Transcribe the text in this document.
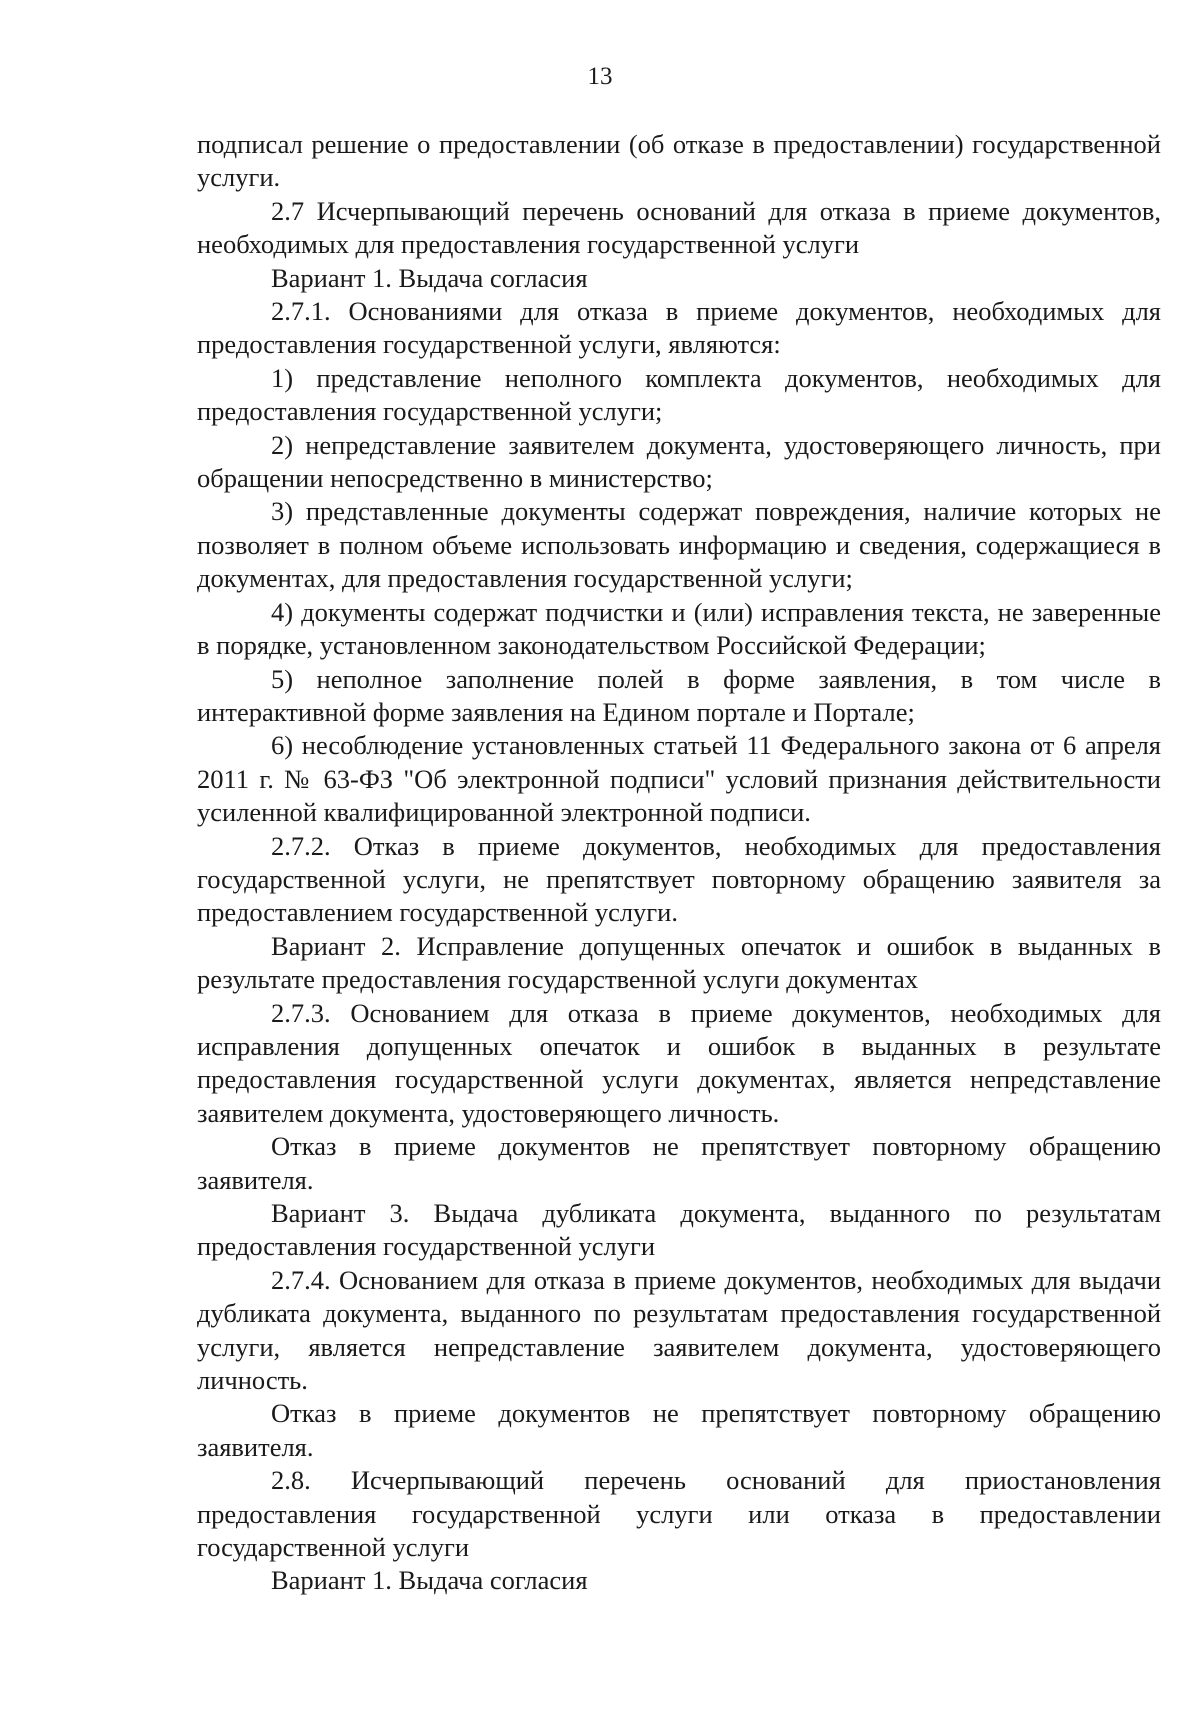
13

подписал решение о предоставлении (об отказе в предоставлении) государственной услуги.

2.7 Исчерпывающий перечень оснований для отказа в приеме документов, необходимых для предоставления государственной услуги

Вариант 1. Выдача согласия

2.7.1. Основаниями для отказа в приеме документов, необходимых для предоставления государственной услуги, являются:

1) представление неполного комплекта документов, необходимых для предоставления государственной услуги;

2) непредставление заявителем документа, удостоверяющего личность, при обращении непосредственно в министерство;

3) представленные документы содержат повреждения, наличие которых не позволяет в полном объеме использовать информацию и сведения, содержащиеся в документах, для предоставления государственной услуги;

4) документы содержат подчистки и (или) исправления текста, не заверенные в порядке, установленном законодательством Российской Федерации;

5) неполное заполнение полей в форме заявления, в том числе в интерактивной форме заявления на Едином портале и Портале;

6) несоблюдение установленных статьей 11 Федерального закона от 6 апреля 2011 г. № 63-ФЗ "Об электронной подписи" условий признания действительности усиленной квалифицированной электронной подписи.

2.7.2. Отказ в приеме документов, необходимых для предоставления государственной услуги, не препятствует повторному обращению заявителя за предоставлением государственной услуги.

Вариант 2. Исправление допущенных опечаток и ошибок в выданных в результате предоставления государственной услуги документах

2.7.3. Основанием для отказа в приеме документов, необходимых для исправления допущенных опечаток и ошибок в выданных в результате предоставления государственной услуги документах, является непредставление заявителем документа, удостоверяющего личность.

Отказ в приеме документов не препятствует повторному обращению заявителя.

Вариант 3. Выдача дубликата документа, выданного по результатам предоставления государственной услуги

2.7.4. Основанием для отказа в приеме документов, необходимых для выдачи дубликата документа, выданного по результатам предоставления государственной услуги, является непредставление заявителем документа, удостоверяющего личность.

Отказ в приеме документов не препятствует повторному обращению заявителя.

2.8. Исчерпывающий перечень оснований для приостановления предоставления государственной услуги или отказа в предоставлении государственной услуги

Вариант 1. Выдача согласия
